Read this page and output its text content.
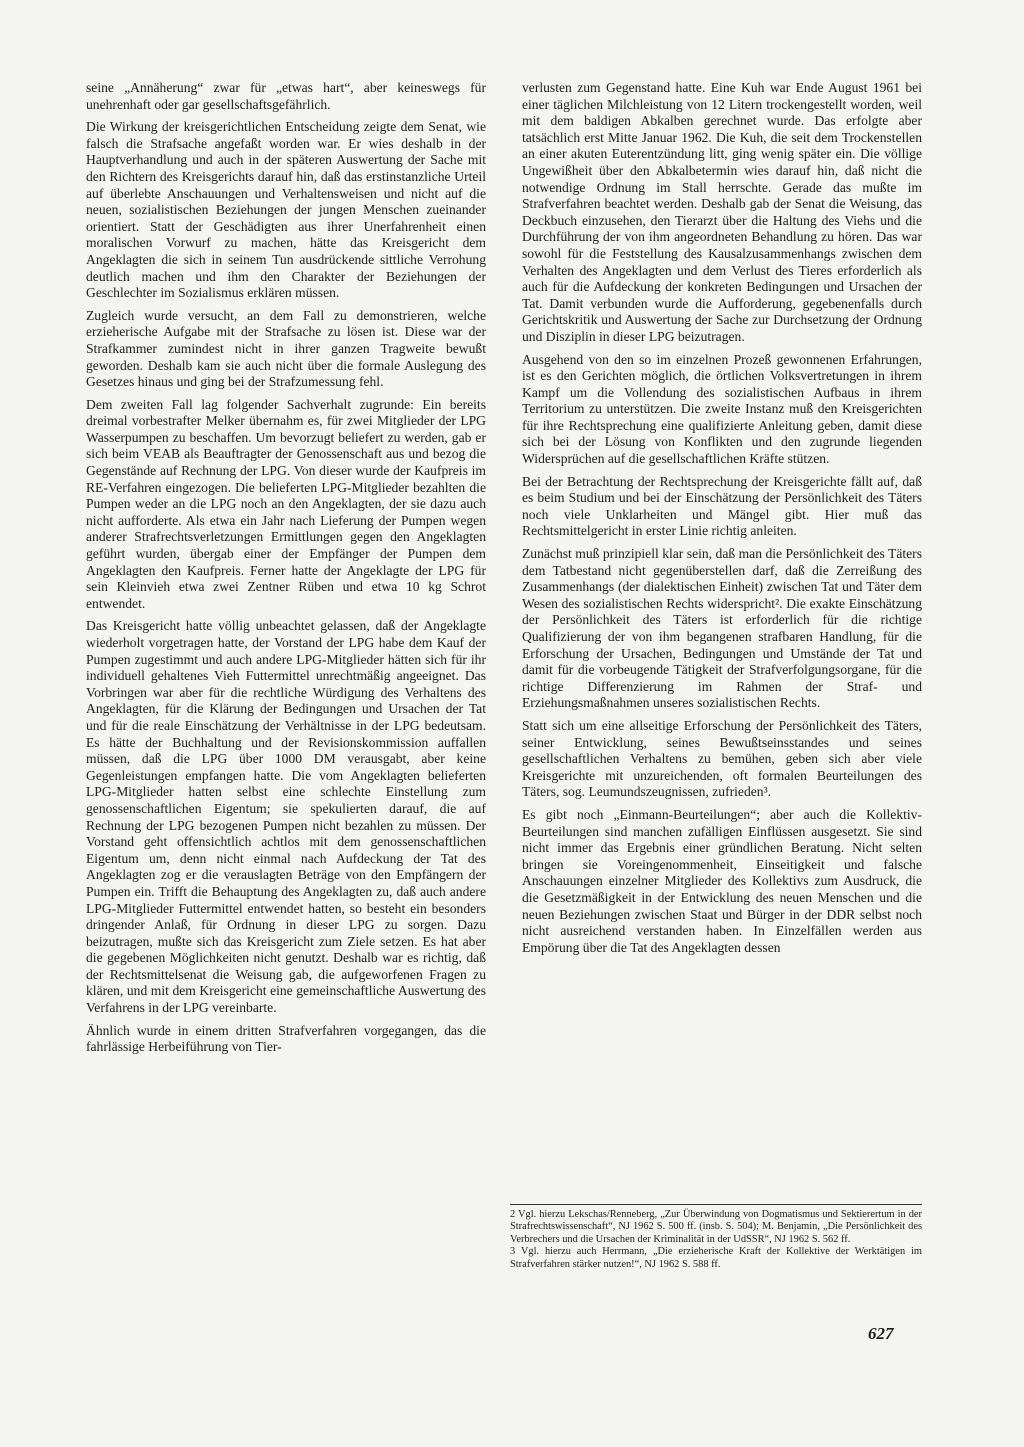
seine „Annäherung“ zwar für „etwas hart“, aber keineswegs für unehrenhaft oder gar gesellschaftsgefährlich.

Die Wirkung der kreisgerichtlichen Entscheidung zeigte dem Senat, wie falsch die Strafsache angefaßt worden war. Er wies deshalb in der Hauptverhandlung und auch in der späteren Auswertung der Sache mit den Richtern des Kreisgerichts darauf hin, daß das erstinstanzliche Urteil auf überlebte Anschauungen und Verhaltensweisen und nicht auf die neuen, sozialistischen Beziehungen der jungen Menschen zueinander orientiert. Statt der Geschädigten aus ihrer Unerfahrenheit einen moralischen Vorwurf zu machen, hätte das Kreisgericht dem Angeklagten die sich in seinem Tun ausdrückende sittliche Verrohung deutlich machen und ihm den Charakter der Beziehungen der Geschlechter im Sozialismus erklären müssen.

Zugleich wurde versucht, an dem Fall zu demonstrieren, welche erzieherische Aufgabe mit der Strafsache zu lösen ist. Diese war der Strafkammer zumindest nicht in ihrer ganzen Tragweite bewußt geworden. Deshalb kam sie auch nicht über die formale Auslegung des Gesetzes hinaus und ging bei der Strafzumessung fehl.

Dem zweiten Fall lag folgender Sachverhalt zugrunde: Ein bereits dreimal vorbestrafter Melker übernahm es, für zwei Mitglieder der LPG Wasserpumpen zu beschaffen. Um bevorzugt beliefert zu werden, gab er sich beim VEAB als Beauftragter der Genossenschaft aus und bezog die Gegenstände auf Rechnung der LPG. Von dieser wurde der Kaufpreis im RE-Verfahren eingezogen. Die belieferten LPG-Mitglieder bezahlten die Pumpen weder an die LPG noch an den Angeklagten, der sie dazu auch nicht aufforderte. Als etwa ein Jahr nach Lieferung der Pumpen wegen anderer Strafrechtsverletzungen Ermittlungen gegen den Angeklagten geführt wurden, übergab einer der Empfänger der Pumpen dem Angeklagten den Kaufpreis. Ferner hatte der Angeklagte der LPG für sein Kleinvieh etwa zwei Zentner Rüben und etwa 10 kg Schrot entwendet.

Das Kreisgericht hatte völlig unbeachtet gelassen, daß der Angeklagte wiederholt vorgetragen hatte, der Vorstand der LPG habe dem Kauf der Pumpen zugestimmt und auch andere LPG-Mitglieder hätten sich für ihr individuell gehaltenes Vieh Futtermittel unrechtmäßig angeeignet. Das Vorbringen war aber für die rechtliche Würdigung des Verhaltens des Angeklagten, für die Klärung der Bedingungen und Ursachen der Tat und für die reale Einschätzung der Verhältnisse in der LPG bedeutsam. Es hätte der Buchhaltung und der Revisionskommission auffallen müssen, daß die LPG über 1000 DM verausgabt, aber keine Gegenleistungen empfangen hatte. Die vom Angeklagten belieferten LPG-Mitglieder hatten selbst eine schlechte Einstellung zum genossenschaftlichen Eigentum; sie spekulierten darauf, die auf Rechnung der LPG bezogenen Pumpen nicht bezahlen zu müssen. Der Vorstand geht offensichtlich achtlos mit dem genossenschaftlichen Eigentum um, denn nicht einmal nach Aufdeckung der Tat des Angeklagten zog er die verauslagten Beträge von den Empfängern der Pumpen ein. Trifft die Behauptung des Angeklagten zu, daß auch andere LPG-Mitglieder Futtermittel entwendet hatten, so besteht ein besonders dringender Anlaß, für Ordnung in dieser LPG zu sorgen. Dazu beizutragen, mußte sich das Kreisgericht zum Ziele setzen. Es hat aber die gegebenen Möglichkeiten nicht genutzt. Deshalb war es richtig, daß der Rechtsmittelsenat die Weisung gab, die aufgeworfenen Fragen zu klären, und mit dem Kreisgericht eine gemeinschaftliche Auswertung des Verfahrens in der LPG vereinbarte.

Ähnlich wurde in einem dritten Strafverfahren vorgegangen, das die fahrlässige Herbeiführung von Tier-

verlusten zum Gegenstand hatte. Eine Kuh war Ende August 1961 bei einer täglichen Milchleistung von 12 Litern trockengestellt worden, weil mit dem baldigen Abkalben gerechnet wurde. Das erfolgte aber tatsächlich erst Mitte Januar 1962. Die Kuh, die seit dem Trockenstellen an einer akuten Euterentzündung litt, ging wenig später ein. Die völlige Ungewißheit über den Abkalbetermin wies darauf hin, daß nicht die notwendige Ordnung im Stall herrschte. Gerade das mußte im Strafverfahren beachtet werden. Deshalb gab der Senat die Weisung, das Deckbuch einzusehen, den Tierarzt über die Haltung des Viehs und die Durchführung der von ihm angeordneten Behandlung zu hören. Das war sowohl für die Feststellung des Kausalzusammenhangs zwischen dem Verhalten des Angeklagten und dem Verlust des Tieres erforderlich als auch für die Aufdeckung der konkreten Bedingungen und Ursachen der Tat. Damit verbunden wurde die Aufforderung, gegebenenfalls durch Gerichtskritik und Auswertung der Sache zur Durchsetzung der Ordnung und Disziplin in dieser LPG beizutragen.

Ausgehend von den so im einzelnen Prozeß gewonnenen Erfahrungen, ist es den Gerichten möglich, die örtlichen Volksvertretungen in ihrem Kampf um die Vollendung des sozialistischen Aufbaus in ihrem Territorium zu unterstützen. Die zweite Instanz muß den Kreisgerichten für ihre Rechtsprechung eine qualifizierte Anleitung geben, damit diese sich bei der Lösung von Konflikten und den zugrunde liegenden Widersprüchen auf die gesellschaftlichen Kräfte stützen.

Bei der Betrachtung der Rechtsprechung der Kreisgerichte fällt auf, daß es beim Studium und bei der Einschätzung der Persönlichkeit des Täters noch viele Unklarheiten und Mängel gibt. Hier muß das Rechtsmittelgericht in erster Linie richtig anleiten.

Zunächst muß prinzipiell klar sein, daß man die Persönlichkeit des Täters dem Tatbestand nicht gegenüberstellen darf, daß die Zerreißung des Zusammenhangs (der dialektischen Einheit) zwischen Tat und Täter dem Wesen des sozialistischen Rechts widerspricht². Die exakte Einschätzung der Persönlichkeit des Täters ist erforderlich für die richtige Qualifizierung der von ihm begangenen strafbaren Handlung, für die Erforschung der Ursachen, Bedingungen und Umstände der Tat und damit für die vorbeugende Tätigkeit der Strafverfolgungsorgane, für die richtige Differenzierung im Rahmen der Straf- und Erziehungsmaßnahmen unseres sozialistischen Rechts.

Statt sich um eine allseitige Erforschung der Persönlichkeit des Täters, seiner Entwicklung, seines Bewußtseinsstandes und seines gesellschaftlichen Verhaltens zu bemühen, geben sich aber viele Kreisgerichte mit unzureichenden, oft formalen Beurteilungen des Täters, sog. Leumundszeugnissen, zufrieden³.

Es gibt noch „Einmann-Beurteilungen“; aber auch die Kollektiv-Beurteilungen sind manchen zufälligen Einflüssen ausgesetzt. Sie sind nicht immer das Ergebnis einer gründlichen Beratung. Nicht selten bringen sie Voreingenommenheit, Einseitigkeit und falsche Anschauungen einzelner Mitglieder des Kollektivs zum Ausdruck, die die Gesetzmäßigkeit in der Entwicklung des neuen Menschen und die neuen Beziehungen zwischen Staat und Bürger in der DDR selbst noch nicht ausreichend verstanden haben. In Einzelfällen werden aus Empörung über die Tat des Angeklagten dessen

2 Vgl. hierzu Lekschas/Renneberg, „Zur Überwindung von Dogmatismus und Sektierertum in der Strafrechtswissenschaft“, NJ 1962 S. 500 ff. (insb. S. 504); M. Benjamin, „Die Persönlichkeit des Verbrechers und die Ursachen der Kriminalität in der UdSSR“, NJ 1962 S. 562 ff.

3 Vgl. hierzu auch Herrmann, „Die erzieherische Kraft der Kollektive der Werktätigen im Strafverfahren stärker nutzen!“, NJ 1962 S. 588 ff.

627
